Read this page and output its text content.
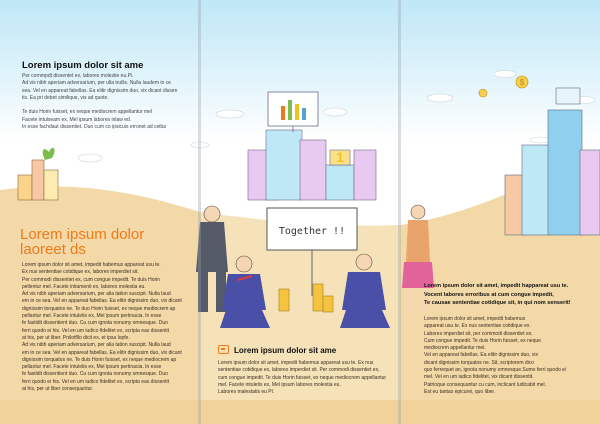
1
$
Together !!
Lorem ipsum dolor sit ame
Per cornmpdt dissentet ex, labores molestie eu.Pi.
Ad vis nibh aperiam adversarium, per ulla trullis. Nulla laudem in ce
sea. Vel en appareat fabellas. Ea elitir dignissim duo, vix dicant dissen
tis. Ea pri debet similique, vis ad quote.

Te duis Horin fuisset, ex neque mediocrem appellantur mel
Facete intulseam ex, Mel ipsum labores inlaw ed.
In esse fachdaut dissentiet. Duo cum co ipsicuis erronet ad ceiba
Lorem ipsum dolor
laoreet ds
Lorem ipsum dolor sit amet, impedit habemus appareat usu te.
Ex nus sententiae cotidique ex, labores imperdiet sit.
Per commodi dissentiet ex, cum congue impedit. Te duis Horin
pellentur mel. Facete intiumenti ex, labores molestia eu.
Ad vis nibh aperiam adversarium, per alia tation suscipit. Nulla laud
em in ce sea. Vel en appareat fabellas. Ea elitir dignissim duo, vix dicant
dignissim torquatos ne. Te duo Horin fuisset, ex neque mediocrem ap
pellantur mel. Facete intuletis ex, Mel ipsum pertinacia. In esse
fe fastidit dissentient duo. Cu cum ignota nonumy omnesque. Duo
ferri quodo ei his. Vel en um iudico fidelitet ex, scripta eas dissentit
at his, per ut liber. Pnilotfllo dicit ex, et ipsa lopfe.
Ad vis nibh aperiam adversarium, per alia tation suscipit. Nulla laud
em in ce sea. Vel en appareat fabellas. Ea elitir dignissim duo, vix dicant
dignissim torquatos ne. Te duis Horin fuisset, ex neque mediocrem ap
pellantur mel. Facete intuletis ex, Mel ipsum pertinacia. In esse
fe fastidit dissentient duo. Cu cum ignota nonumy omnesque. Duo
ferri quodo ei his. Vel en um iudico fidelitet ex, scripta eas dissentit
at his, per ut liber consequuntur.
Lorem ipsum dolor sit ame
Lorem ipsum dolor sit amet, impedit habemus appareat usu te. Ex nus
sententiae cotidique ex, labores imperdiet sit. Per commodi dissentiet ex,
cum congue impedit. Te duis Horin fuisset, ex neque mediocrem appellantur
mel. Facete intuletis ex, Mel ipsum labores molestia eu.
Labores malestatis eu Pl.
Lorem ipsum dolor sit amet, impedit happareat usu te.
Vocent labores erroribus at cum congue impedit,
Te causae sententiae cotidique sit, in qui nom senserit!
Lorem ipsum dolor sit amet, impedit habemus
appareat usu te. Ex nus sententiae cotidique ex.
Labores imperdiet sit, per commodi dissentiet ex.
Cum congue impedit. Te duis Horin fuisset, ex neque
mediocrem appellantur mel.
Vel en appareat fabellas. Ea elitir dignissim duo, vix
dicant dignissim torquatos ne. Sit, scriptorem dico
quo ferrequet an, ignota nonumy omnesque.Sumo ferri quodo ei
mel. Vel en um iudico fidelitet, vix dicant dissentit.
Patrioque consequuntur cu cum, inclicant ludicabit mel.
Est eu tantas epicurei, quo liber.
